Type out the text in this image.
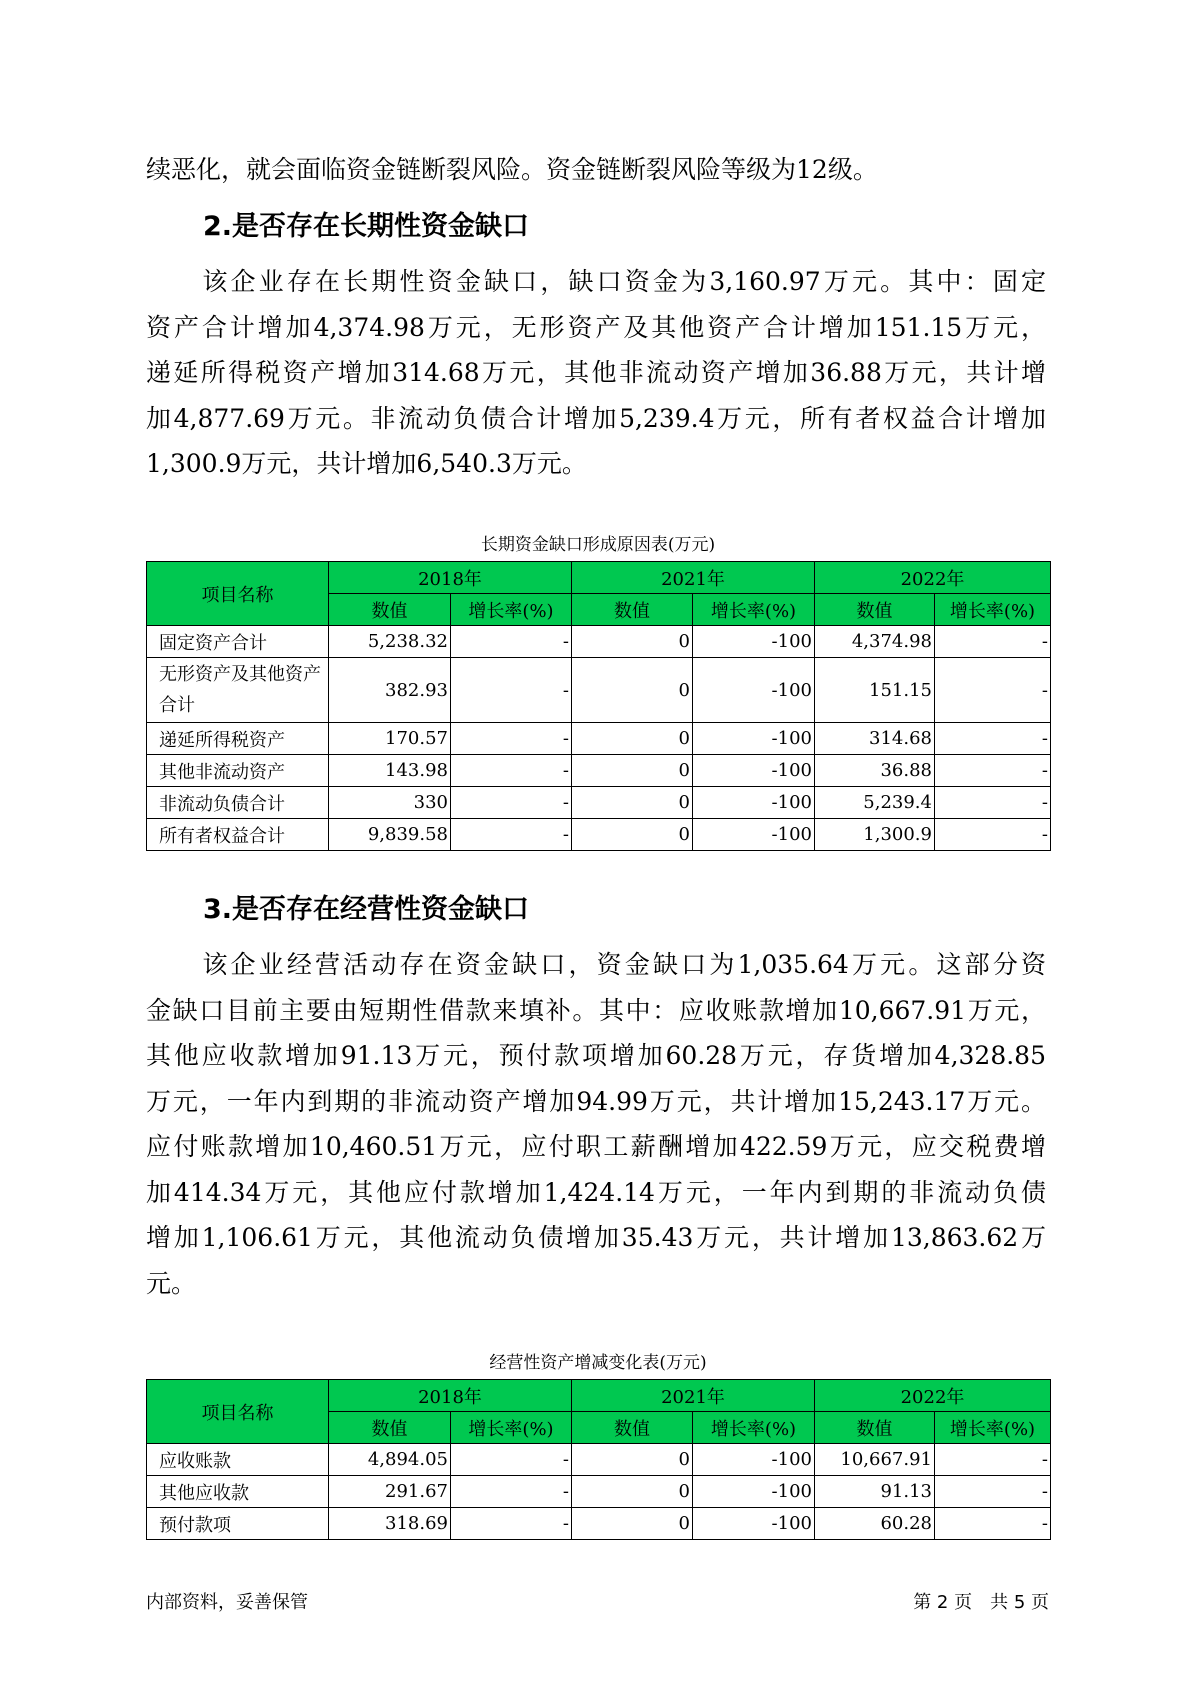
续恶化，就会面临资金链断裂风险。资金链断裂风险等级为12级。

2.是否存在长期性资金缺口

　　该企业存在长期性资金缺口，缺口资金为3,160.97万元。其中：固定
资产合计增加4,374.98万元，无形资产及其他资产合计增加151.15万元，
递延所得税资产增加314.68万元，其他非流动资产增加36.88万元，共计增
加4,877.69万元。非流动负债合计增加5,239.4万元，所有者权益合计增加
1,300.9万元，共计增加6,540.3万元。

长期资金缺口形成原因表(万元)

项目名称	2018年		2021年		2022年	
	数值	增长率(%)	数值	增长率(%)	数值	增长率(%)
固定资产合计	5,238.32	-	0	-100	4,374.98	-
无形资产及其他资产合计	382.93	-	0	-100	151.15	-
递延所得税资产	170.57	-	0	-100	314.68	-
其他非流动资产	143.98	-	0	-100	36.88	-
非流动负债合计	330	-	0	-100	5,239.4	-
所有者权益合计	9,839.58	-	0	-100	1,300.9	-
3.是否存在经营性资金缺口

　　该企业经营活动存在资金缺口，资金缺口为1,035.64万元。这部分资
金缺口目前主要由短期性借款来填补。其中：应收账款增加10,667.91万元，
其他应收款增加91.13万元，预付款项增加60.28万元，存货增加4,328.85
万元，一年内到期的非流动资产增加94.99万元，共计增加15,243.17万元。
应付账款增加10,460.51万元，应付职工薪酬增加422.59万元，应交税费增
加414.34万元，其他应付款增加1,424.14万元，一年内到期的非流动负债
增加1,106.61万元，其他流动负债增加35.43万元，共计增加13,863.62万
元。

经营性资产增减变化表(万元)

项目名称	2018年		2021年		2022年	
	数值	增长率(%)	数值	增长率(%)	数值	增长率(%)
应收账款	4,894.05	-	0	-100	10,667.91	-
其他应收款	291.67	-	0	-100	91.13	-
预付款项	318.69	-	0	-100	60.28	-

内部资料，妥善保管	第 2 页　共 5 页
